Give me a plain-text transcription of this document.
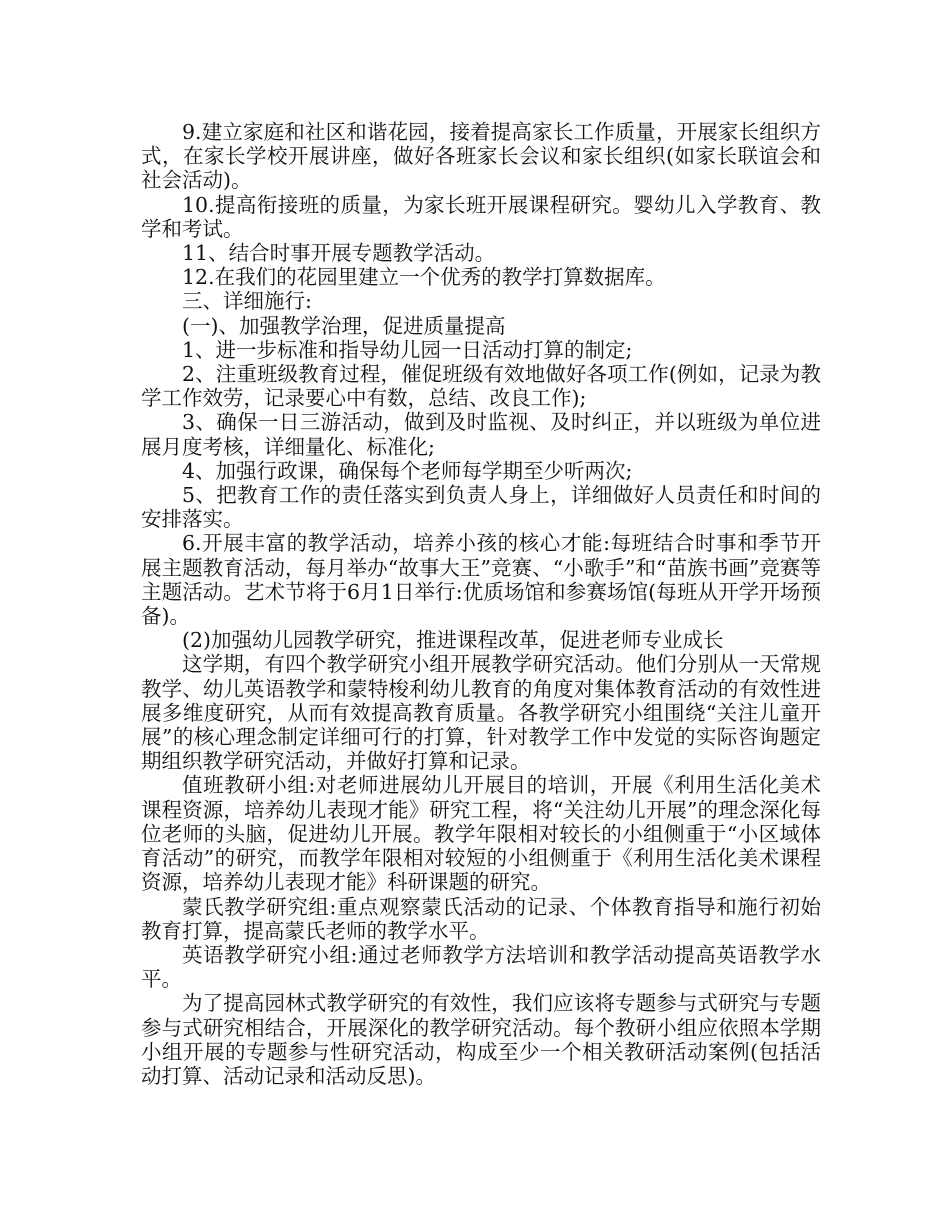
9.建立家庭和社区和谐花园，接着提高家长工作质量，开展家长组织方式，在家长学校开展讲座，做好各班家长会议和家长组织(如家长联谊会和社会活动)。

10.提高衔接班的质量，为家长班开展课程研究。婴幼儿入学教育、教学和考试。

11、结合时事开展专题教学活动。

12.在我们的花园里建立一个优秀的教学打算数据库。

三、详细施行:

(一)、加强教学治理，促进质量提高

1、进一步标准和指导幼儿园一日活动打算的制定;

2、注重班级教育过程，催促班级有效地做好各项工作(例如，记录为教学工作效劳，记录要心中有数，总结、改良工作);

3、确保一日三游活动，做到及时监视、及时纠正，并以班级为单位进展月度考核，详细量化、标准化;

4、加强行政课，确保每个老师每学期至少听两次;

5、把教育工作的责任落实到负责人身上，详细做好人员责任和时间的安排落实。

6.开展丰富的教学活动，培养小孩的核心才能:每班结合时事和季节开展主题教育活动，每月举办“故事大王”竞赛、“小歌手”和“苗族书画”竞赛等主题活动。艺术节将于6月1日举行:优质场馆和参赛场馆(每班从开学开场预备)。

(2)加强幼儿园教学研究，推进课程改革，促进老师专业成长

这学期，有四个教学研究小组开展教学研究活动。他们分别从一天常规教学、幼儿英语教学和蒙特梭利幼儿教育的角度对集体教育活动的有效性进展多维度研究，从而有效提高教育质量。各教学研究小组围绕“关注儿童开展”的核心理念制定详细可行的打算，针对教学工作中发觉的实际咨询题定期组织教学研究活动，并做好打算和记录。

值班教研小组:对老师进展幼儿开展目的培训，开展《利用生活化美术课程资源，培养幼儿表现才能》研究工程，将“关注幼儿开展”的理念深化每位老师的头脑，促进幼儿开展。教学年限相对较长的小组侧重于“小区域体育活动”的研究，而教学年限相对较短的小组侧重于《利用生活化美术课程资源，培养幼儿表现才能》科研课题的研究。

蒙氏教学研究组:重点观察蒙氏活动的记录、个体教育指导和施行初始教育打算，提高蒙氏老师的教学水平。

英语教学研究小组:通过老师教学方法培训和教学活动提高英语教学水平。

为了提高园林式教学研究的有效性，我们应该将专题参与式研究与专题参与式研究相结合，开展深化的教学研究活动。每个教研小组应依照本学期小组开展的专题参与性研究活动，构成至少一个相关教研活动案例(包括活动打算、活动记录和活动反思)。
